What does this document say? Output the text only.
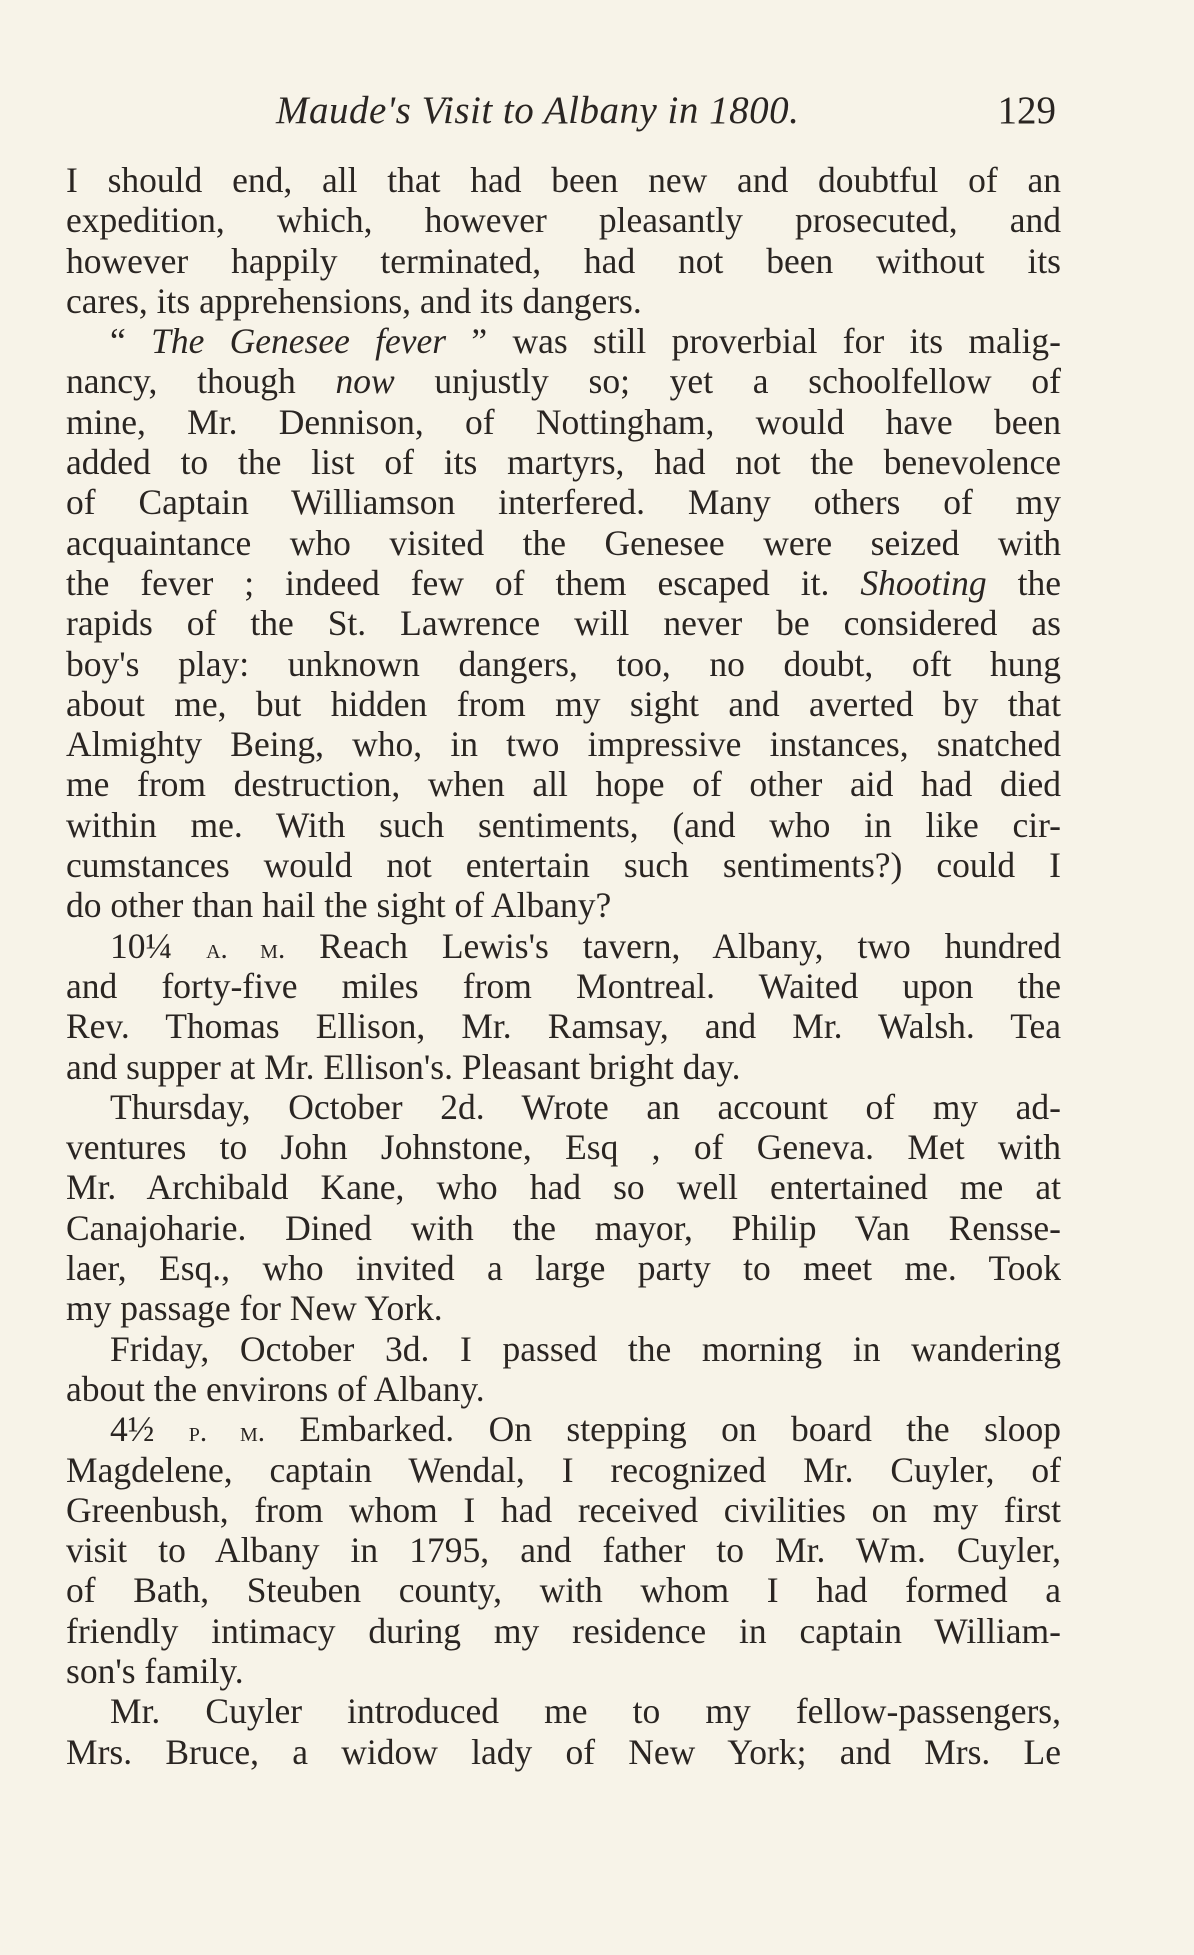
Maude's Visit to Albany in 1800.	129
I should end, all that had been new and doubtful of an
expedition, which, however pleasantly prosecuted, and
however happily terminated, had not been without its
cares, its apprehensions, and its dangers.
“ The Genesee fever ” was still proverbial for its malig-
nancy, though now unjustly so; yet a schoolfellow of
mine, Mr. Dennison, of Nottingham, would have been
added to the list of its martyrs, had not the benevolence
of Captain Williamson interfered. Many others of my
acquaintance who visited the Genesee were seized with
the fever ; indeed few of them escaped it. Shooting the
rapids of the St. Lawrence will never be considered as
boy's play: unknown dangers, too, no doubt, oft hung
about me, but hidden from my sight and averted by that
Almighty Being, who, in two impressive instances, snatched
me from destruction, when all hope of other aid had died
within me. With such sentiments, (and who in like cir-
cumstances would not entertain such sentiments?) could I
do other than hail the sight of Albany?
10¼ a. m. Reach Lewis's tavern, Albany, two hundred
and forty-five miles from Montreal. Waited upon the
Rev. Thomas Ellison, Mr. Ramsay, and Mr. Walsh. Tea
and supper at Mr. Ellison's. Pleasant bright day.
Thursday, October 2d. Wrote an account of my ad-
ventures to John Johnstone, Esq , of Geneva. Met with
Mr. Archibald Kane, who had so well entertained me at
Canajoharie. Dined with the mayor, Philip Van Rensse-
laer, Esq., who invited a large party to meet me. Took
my passage for New York.
Friday, October 3d. I passed the morning in wandering
about the environs of Albany.
4½ p. m. Embarked. On stepping on board the sloop
Magdelene, captain Wendal, I recognized Mr. Cuyler, of
Greenbush, from whom I had received civilities on my first
visit to Albany in 1795, and father to Mr. Wm. Cuyler,
of Bath, Steuben county, with whom I had formed a
friendly intimacy during my residence in captain William-
son's family.
Mr. Cuyler introduced me to my fellow-passengers,
Mrs. Bruce, a widow lady of New York; and Mrs. Le
